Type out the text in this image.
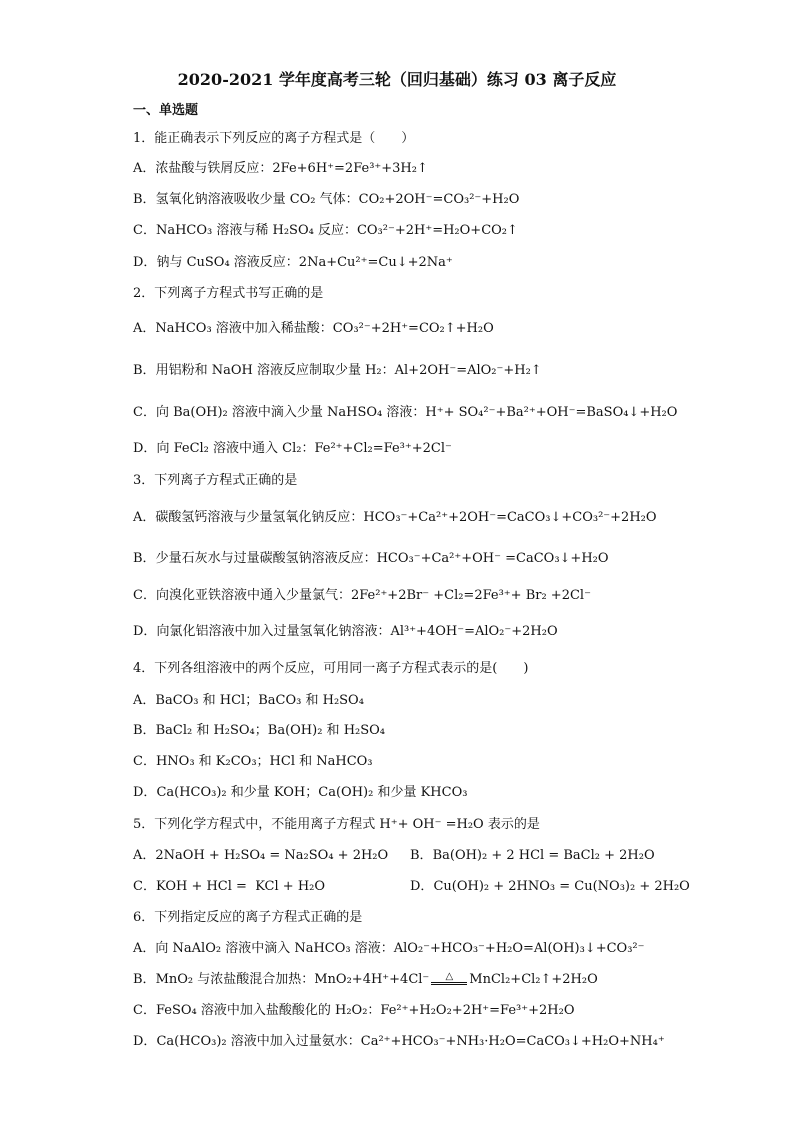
2020-2021 学年度高考三轮（回归基础）练习 03 离子反应
一、单选题
1．能正确表示下列反应的离子方程式是（　　）
A．浓盐酸与铁屑反应：2Fe+6H⁺=2Fe³⁺+3H₂↑
B．氢氧化钠溶液吸收少量 CO₂ 气体：CO₂+2OH⁻=CO₃²⁻+H₂O
C．NaHCO₃ 溶液与稀 H₂SO₄ 反应：CO₃²⁻+2H⁺=H₂O+CO₂↑
D．钠与 CuSO₄ 溶液反应：2Na+Cu²⁺=Cu↓+2Na⁺
2．下列离子方程式书写正确的是
A．NaHCO₃ 溶液中加入稀盐酸：CO₃²⁻+2H⁺=CO₂↑+H₂O
B．用铝粉和 NaOH 溶液反应制取少量 H₂：Al+2OH⁻=AlO₂⁻+H₂↑
C．向 Ba(OH)₂ 溶液中滴入少量 NaHSO₄ 溶液：H⁺+ SO₄²⁻+Ba²⁺+OH⁻=BaSO₄↓+H₂O
D．向 FeCl₂ 溶液中通入 Cl₂：Fe²⁺+Cl₂=Fe³⁺+2Cl⁻
3．下列离子方程式正确的是
A．碳酸氢钙溶液与少量氢氧化钠反应：HCO₃⁻+Ca²⁺+2OH⁻=CaCO₃↓+CO₃²⁻+2H₂O
B．少量石灰水与过量碳酸氢钠溶液反应：HCO₃⁻+Ca²⁺+OH⁻ =CaCO₃↓+H₂O
C．向溴化亚铁溶液中通入少量氯气：2Fe²⁺+2Br⁻ +Cl₂=2Fe³⁺+ Br₂ +2Cl⁻
D．向氯化铝溶液中加入过量氢氧化钠溶液：Al³⁺+4OH⁻=AlO₂⁻+2H₂O
4．下列各组溶液中的两个反应，可用同一离子方程式表示的是(　　)
A．BaCO₃ 和 HCl；BaCO₃ 和 H₂SO₄
B．BaCl₂ 和 H₂SO₄；Ba(OH)₂ 和 H₂SO₄
C．HNO₃ 和 K₂CO₃；HCl 和 NaHCO₃
D．Ca(HCO₃)₂ 和少量 KOH；Ca(OH)₂ 和少量 KHCO₃
5．下列化学方程式中，不能用离子方程式 H⁺+ OH⁻ =H₂O 表示的是
A．2NaOH + H₂SO₄ = Na₂SO₄ + 2H₂O B．Ba(OH)₂ + 2 HCl = BaCl₂ + 2H₂O
C．KOH + HCl =  KCl + H₂O	D．Cu(OH)₂ + 2HNO₃ = Cu(NO₃)₂ + 2H₂O
6．下列指定反应的离子方程式正确的是
A．向 NaAlO₂ 溶液中滴入 NaHCO₃ 溶液：AlO₂⁻+HCO₃⁻+H₂O=Al(OH)₃↓+CO₃²⁻
B．MnO₂ 与浓盐酸混合加热：MnO₂+4H⁺+4Cl⁻ △ MnCl₂+Cl₂↑+2H₂O
C．FeSO₄ 溶液中加入盐酸酸化的 H₂O₂：Fe²⁺+H₂O₂+2H⁺=Fe³⁺+2H₂O
D．Ca(HCO₃)₂ 溶液中加入过量氨水：Ca²⁺+HCO₃⁻+NH₃·H₂O=CaCO₃↓+H₂O+NH₄⁺
